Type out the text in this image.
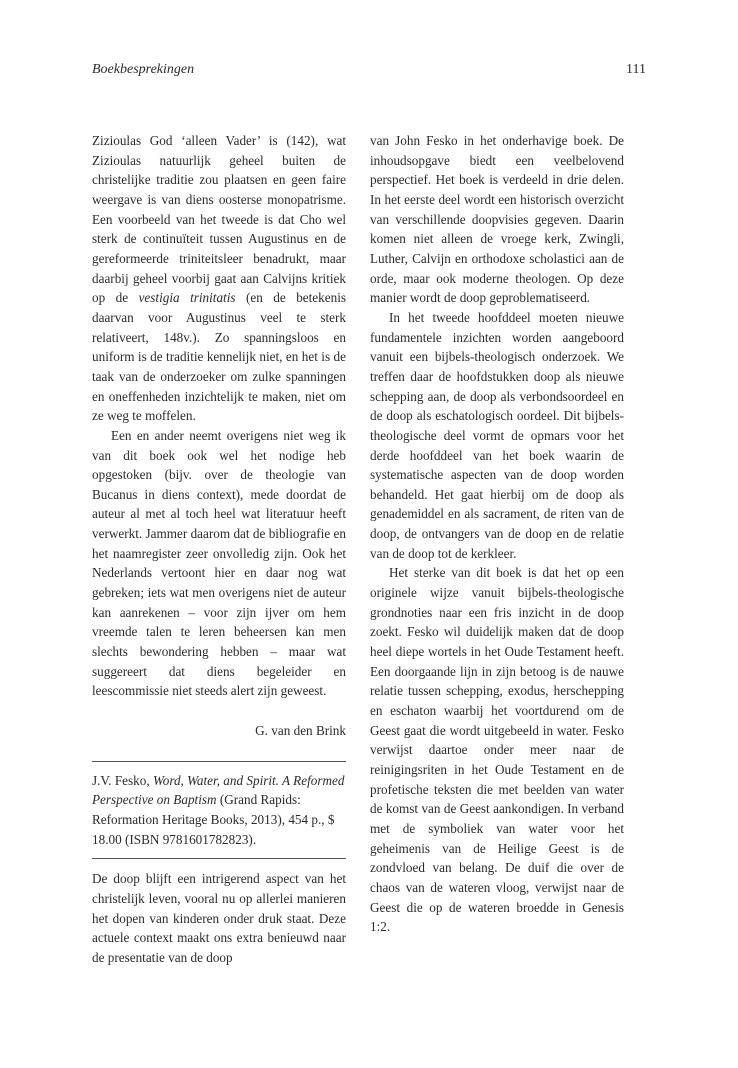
Boekbesprekingen	111

Zizioulas God ‘alleen Vader’ is (142), wat Zizioulas natuurlijk geheel buiten de christelijke traditie zou plaatsen en geen faire weergave is van diens oosterse monopatrisme. Een voorbeeld van het tweede is dat Cho wel sterk de continuïteit tussen Augustinus en de gereformeerde triniteitsleer benadrukt, maar daarbij geheel voorbij gaat aan Calvijns kritiek op de vestigia trinitatis (en de betekenis daarvan voor Augustinus veel te sterk relativeert, 148v.). Zo spanningsloos en uniform is de traditie kennelijk niet, en het is de taak van de onderzoeker om zulke spanningen en oneffenheden inzichtelijk te maken, niet om ze weg te moffelen.

Een en ander neemt overigens niet weg ik van dit boek ook wel het nodige heb opgestoken (bijv. over de theologie van Bucanus in diens context), mede doordat de auteur al met al toch heel wat literatuur heeft verwerkt. Jammer daarom dat de bibliografie en het naamregister zeer onvolledig zijn. Ook het Nederlands vertoont hier en daar nog wat gebreken; iets wat men overigens niet de auteur kan aanrekenen – voor zijn ijver om hem vreemde talen te leren beheersen kan men slechts bewondering hebben – maar wat suggereert dat diens begeleider en leescommissie niet steeds alert zijn geweest.

G. van den Brink

J.V. Fesko, Word, Water, and Spirit. A Reformed Perspective on Baptism (Grand Rapids: Reformation Heritage Books, 2013), 454 p., $ 18.00 (ISBN 9781601782823).

De doop blijft een intrigerend aspect van het christelijk leven, vooral nu op allerlei manieren het dopen van kinderen onder druk staat. Deze actuele context maakt ons extra benieuwd naar de presentatie van de doop

van John Fesko in het onderhavige boek. De inhoudsopgave biedt een veelbelovend perspectief. Het boek is verdeeld in drie delen. In het eerste deel wordt een historisch overzicht van verschillende doopvisies gegeven. Daarin komen niet alleen de vroege kerk, Zwingli, Luther, Calvijn en orthodoxe scholastici aan de orde, maar ook moderne theologen. Op deze manier wordt de doop geproblematiseerd.

In het tweede hoofddeel moeten nieuwe fundamentele inzichten worden aangeboord vanuit een bijbels-theologisch onderzoek. We treffen daar de hoofdstukken doop als nieuwe schepping aan, de doop als verbondsoordeel en de doop als eschatologisch oordeel. Dit bijbels-theologische deel vormt de opmars voor het derde hoofddeel van het boek waarin de systematische aspecten van de doop worden behandeld. Het gaat hierbij om de doop als genademiddel en als sacrament, de riten van de doop, de ontvangers van de doop en de relatie van de doop tot de kerkleer.

Het sterke van dit boek is dat het op een originele wijze vanuit bijbels-theologische grondnoties naar een fris inzicht in de doop zoekt. Fesko wil duidelijk maken dat de doop heel diepe wortels in het Oude Testament heeft. Een doorgaande lijn in zijn betoog is de nauwe relatie tussen schepping, exodus, herschepping en eschaton waarbij het voortdurend om de Geest gaat die wordt uitgebeeld in water. Fesko verwijst daartoe onder meer naar de reinigingsriten in het Oude Testament en de profetische teksten die met beelden van water de komst van de Geest aankondigen. In verband met de symboliek van water voor het geheimenis van de Heilige Geest is de zondvloed van belang. De duif die over de chaos van de wateren vloog, verwijst naar de Geest die op de wateren broedde in Genesis 1:2.
